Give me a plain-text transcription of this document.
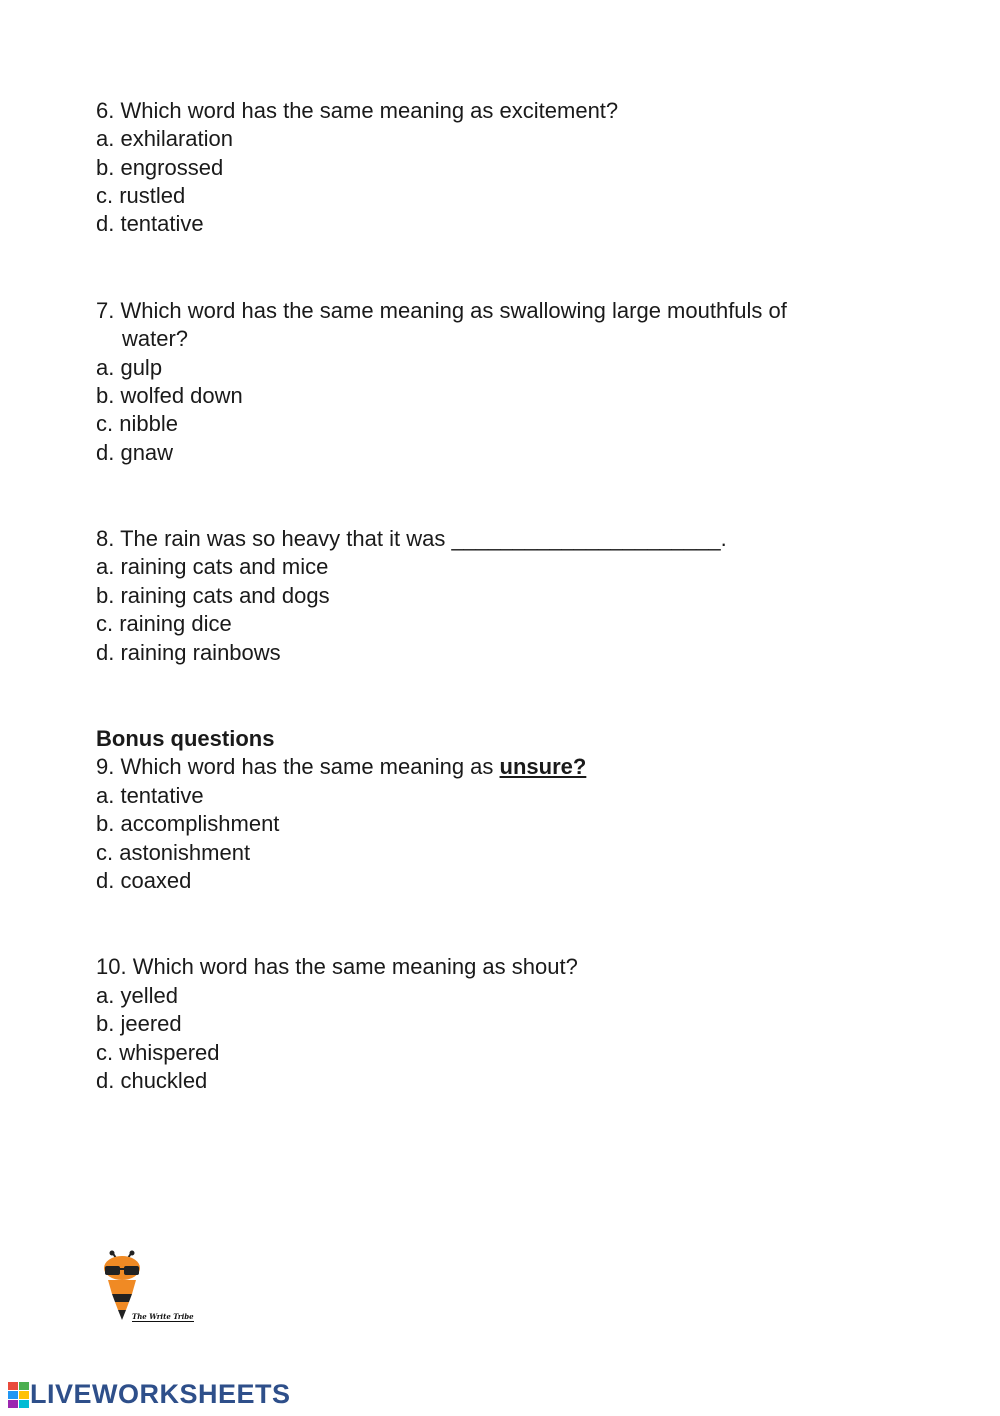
6. Which word has the same meaning as excitement?
a. exhilaration
b. engrossed
c. rustled
d. tentative
7. Which word has the same meaning as swallowing large mouthfuls of
water?
a. gulp
b. wolfed down
c. nibble
d. gnaw
8. The rain was so heavy that it was ______________________.
a. raining cats and mice
b. raining cats and dogs
c. raining dice
d. raining rainbows
Bonus questions
9. Which word has the same meaning as unsure?
a. tentative
b. accomplishment
c. astonishment
d. coaxed
10. Which word has the same meaning as shout?
a. yelled
b. jeered
c. whispered
d. chuckled
The Write Tribe
LIVEWORKSHEETS
